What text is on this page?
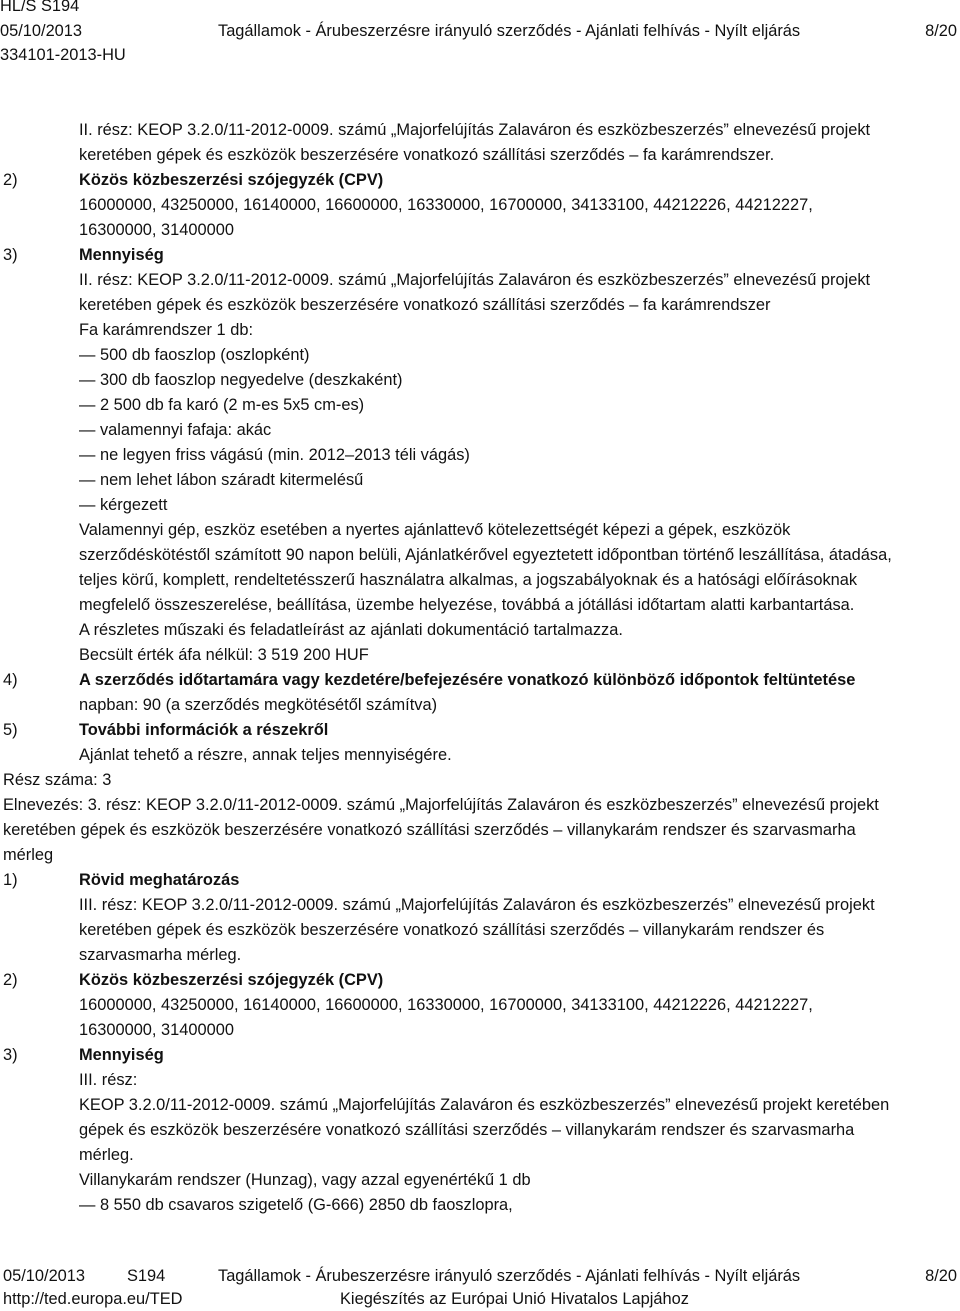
HL/S S194
05/10/2013
334101-2013-HU
Tagállamok - Árubeszerzésre irányuló szerződés - Ajánlati felhívás - Nyílt eljárás	8/20
II. rész: KEOP 3.2.0/11-2012-0009. számú „Majorfelújítás Zalaváron és eszközbeszerzés” elnevezésű projekt
keretében gépek és eszközök beszerzésére vonatkozó szállítási szerződés – fa karámrendszer.
2)	Közös közbeszerzési szójegyzék (CPV)
16000000, 43250000, 16140000, 16600000, 16330000, 16700000, 34133100, 44212226, 44212227,
16300000, 31400000
3)	Mennyiség
II. rész: KEOP 3.2.0/11-2012-0009. számú „Majorfelújítás Zalaváron és eszközbeszerzés” elnevezésű projekt
keretében gépek és eszközök beszerzésére vonatkozó szállítási szerződés – fa karámrendszer
Fa karámrendszer 1 db:
— 500 db faoszlop (oszlopként)
— 300 db faoszlop negyedelve (deszkaként)
— 2 500 db fa karó (2 m-es 5x5 cm-es)
— valamennyi fafaja: akác
— ne legyen friss vágású (min. 2012–2013 téli vágás)
— nem lehet lábon száradt kitermelésű
— kérgezett
Valamennyi gép, eszköz esetében a nyertes ajánlattevő kötelezettségét képezi a gépek, eszközök
szerződéskötéstől számított 90 napon belüli, Ajánlatkérővel egyeztetett időpontban történő leszállítása, átadása,
teljes körű, komplett, rendeltetésszerű használatra alkalmas, a jogszabályoknak és a hatósági előírásoknak
megfelelő összeszerelése, beállítása, üzembe helyezése, továbbá a jótállási időtartam alatti karbantartása.
A részletes műszaki és feladatleírást az ajánlati dokumentáció tartalmazza.
Becsült érték áfa nélkül: 3 519 200 HUF
4)	A szerződés időtartamára vagy kezdetére/befejezésére vonatkozó különböző időpontok feltüntetése
napban: 90 (a szerződés megkötésétől számítva)
5)	További információk a részekről
Ajánlat tehető a részre, annak teljes mennyiségére.
Rész száma: 3
Elnevezés: 3. rész: KEOP 3.2.0/11-2012-0009. számú „Majorfelújítás Zalaváron és eszközbeszerzés” elnevezésű projekt
keretében gépek és eszközök beszerzésére vonatkozó szállítási szerződés – villanykarám rendszer és szarvasmarha
mérleg
1)	Rövid meghatározás
III. rész: KEOP 3.2.0/11-2012-0009. számú „Majorfelújítás Zalaváron és eszközbeszerzés” elnevezésű projekt
keretében gépek és eszközök beszerzésére vonatkozó szállítási szerződés – villanykarám rendszer és
szarvasmarha mérleg.
2)	Közös közbeszerzési szójegyzék (CPV)
16000000, 43250000, 16140000, 16600000, 16330000, 16700000, 34133100, 44212226, 44212227,
16300000, 31400000
3)	Mennyiség
III. rész:
KEOP 3.2.0/11-2012-0009. számú „Majorfelújítás Zalaváron és eszközbeszerzés” elnevezésű projekt keretében
gépek és eszközök beszerzésére vonatkozó szállítási szerződés – villanykarám rendszer és szarvasmarha
mérleg.
Villanykarám rendszer (Hunzag), vagy azzal egyenértékű 1 db
— 8 550 db csavaros szigetelő (G-666) 2850 db faoszlopra,
05/10/2013	S194	Tagállamok - Árubeszerzésre irányuló szerződés - Ajánlati felhívás - Nyílt eljárás	8/20
http://ted.europa.eu/TED	Kiegészítés az Európai Unió Hivatalos Lapjához
